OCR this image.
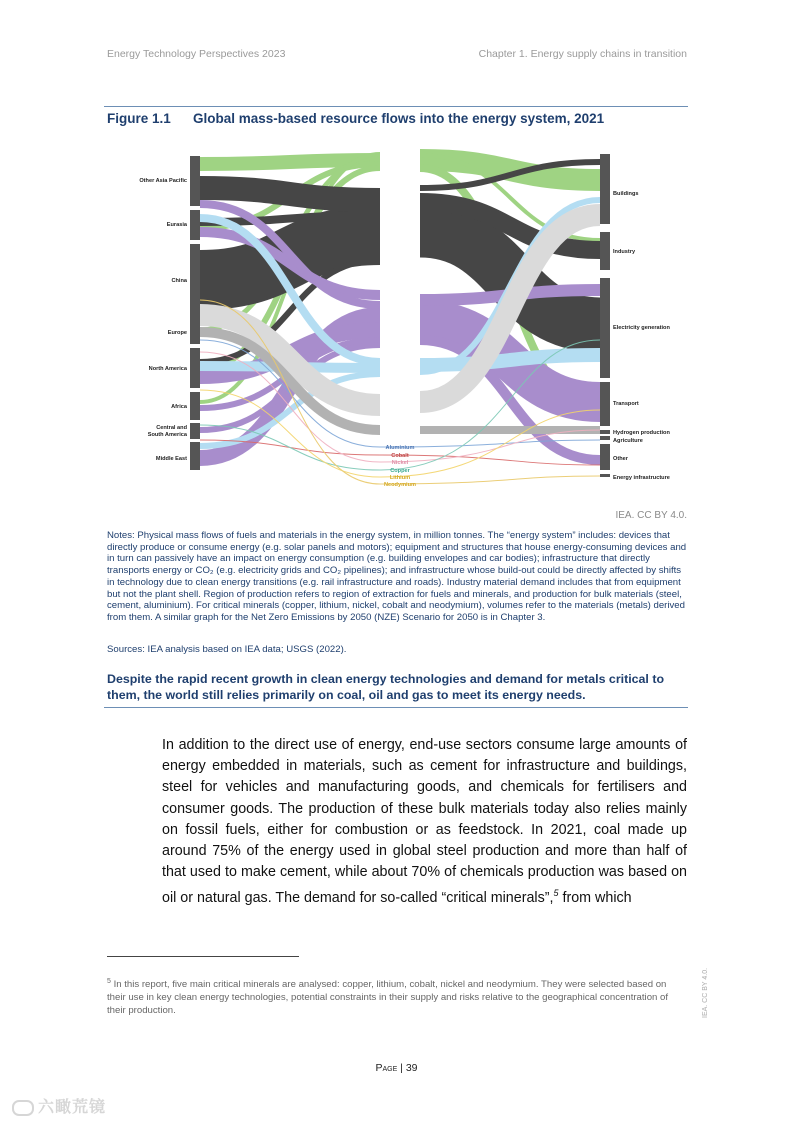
Energy Technology Perspectives 2023	Chapter 1. Energy supply chains in transition
Figure 1.1 Global mass-based resource flows into the energy system, 2021
Other Asia Pacific
Eurasia
China
Europe
North America
Africa
Central and South America
Middle East
Bioenergy
Coal
Oil
Natural gas
Cement
Steel
Aluminium
Cobalt
Nickel
Copper
Lithium
Neodymium
Buildings
Industry
Electricity generation
Transport
Hydrogen production
Agriculture
Other
Energy infrastructure
IEA. CC BY 4.0.
Notes: Physical mass flows of fuels and materials in the energy system, in million tonnes. The “energy system” includes: devices that directly produce or consume energy (e.g. solar panels and motors); equipment and structures that house energy-consuming devices and in turn can passively have an impact on energy consumption (e.g. building envelopes and car bodies); infrastructure that directly transports energy or CO₂ (e.g. electricity grids and CO₂ pipelines); and infrastructure whose build-out could be directly affected by shifts in technology due to clean energy transitions (e.g. rail infrastructure and roads). Industry material demand includes that from equipment but not the plant shell. Region of production refers to region of extraction for fuels and minerals, and production for bulk materials (steel, cement, aluminium). For critical minerals (copper, lithium, nickel, cobalt and neodymium), volumes refer to the materials (metals) derived from them. A similar graph for the Net Zero Emissions by 2050 (NZE) Scenario for 2050 is in Chapter 3.
Sources: IEA analysis based on IEA data; USGS (2022).
Despite the rapid recent growth in clean energy technologies and demand for metals critical to them, the world still relies primarily on coal, oil and gas to meet its energy needs.
In addition to the direct use of energy, end-use sectors consume large amounts of energy embedded in materials, such as cement for infrastructure and buildings, steel for vehicles and manufacturing goods, and chemicals for fertilisers and consumer goods. The production of these bulk materials today also relies mainly on fossil fuels, either for combustion or as feedstock. In 2021, coal made up around 75% of the energy used in global steel production and more than half of that used to make cement, while about 70% of chemicals production was based on oil or natural gas. The demand for so-called “critical minerals”,$^5$ from which
$^5$ In this report, five main critical minerals are analysed: copper, lithium, cobalt, nickel and neodymium. They were selected based on their use in key clean energy technologies, potential constraints in their supply and risks relative to the geographical concentration of their production.
Page | 39
IEA. CC BY 4.0.
六瞰荒镜
